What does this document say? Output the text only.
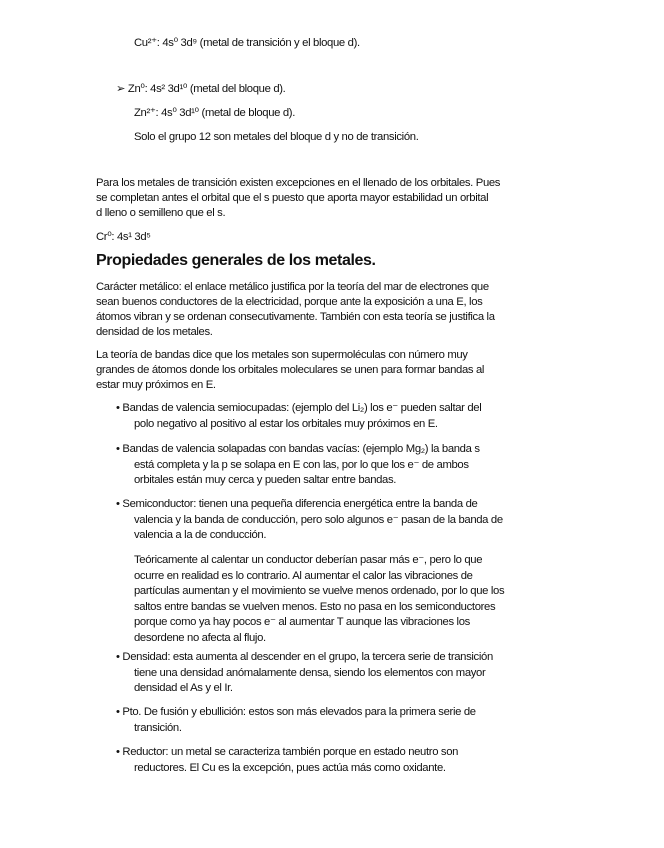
Cu²⁺: 4s⁰ 3d⁹ (metal de transición y el bloque d).
➢ Zn⁰: 4s² 3d¹⁰ (metal del bloque d).
Zn²⁺: 4s⁰ 3d¹⁰ (metal de bloque d).
Solo el grupo 12 son metales del bloque d y no de transición.
Para los metales de transición existen excepciones en el llenado de los orbitales. Pues
se completan antes el orbital que el s puesto que aporta mayor estabilidad un orbital
d lleno o semilleno que el s.
Cr⁰: 4s¹ 3d⁵
Propiedades generales de los metales.
Carácter metálico: el enlace metálico justifica por la teoría del mar de electrones que
sean buenos conductores de la electricidad, porque ante la exposición a una E, los
átomos vibran y se ordenan consecutivamente. También con esta teoría se justifica la
densidad de los metales.
La teoría de bandas dice que los metales son supermoléculas con número muy
grandes de átomos donde los orbitales moleculares se unen para formar bandas al
estar muy próximos en E.
• Bandas de valencia semiocupadas: (ejemplo del Li₂) los e⁻ pueden saltar del
polo negativo al positivo al estar los orbitales muy próximos en E.
• Bandas de valencia solapadas con bandas vacías: (ejemplo Mg₂) la banda s
está completa y la p se solapa en E con las, por lo que los e⁻ de ambos
orbitales están muy cerca y pueden saltar entre bandas.
• Semiconductor: tienen una pequeña diferencia energética entre la banda de
valencia y la banda de conducción, pero solo algunos e⁻ pasan de la banda de
valencia a la de conducción.
Teóricamente al calentar un conductor deberían pasar más e⁻, pero lo que
ocurre en realidad es lo contrario. Al aumentar el calor las vibraciones de
partículas aumentan y el movimiento se vuelve menos ordenado, por lo que los
saltos entre bandas se vuelven menos. Esto no pasa en los semiconductores
porque como ya hay pocos e⁻ al aumentar T aunque las vibraciones los
desordene no afecta al flujo.
• Densidad: esta aumenta al descender en el grupo, la tercera serie de transición
tiene una densidad anómalamente densa, siendo los elementos con mayor
densidad el As y el Ir.
• Pto. De fusión y ebullición: estos son más elevados para la primera serie de
transición.
• Reductor: un metal se caracteriza también porque en estado neutro son
reductores. El Cu es la excepción, pues actúa más como oxidante.
